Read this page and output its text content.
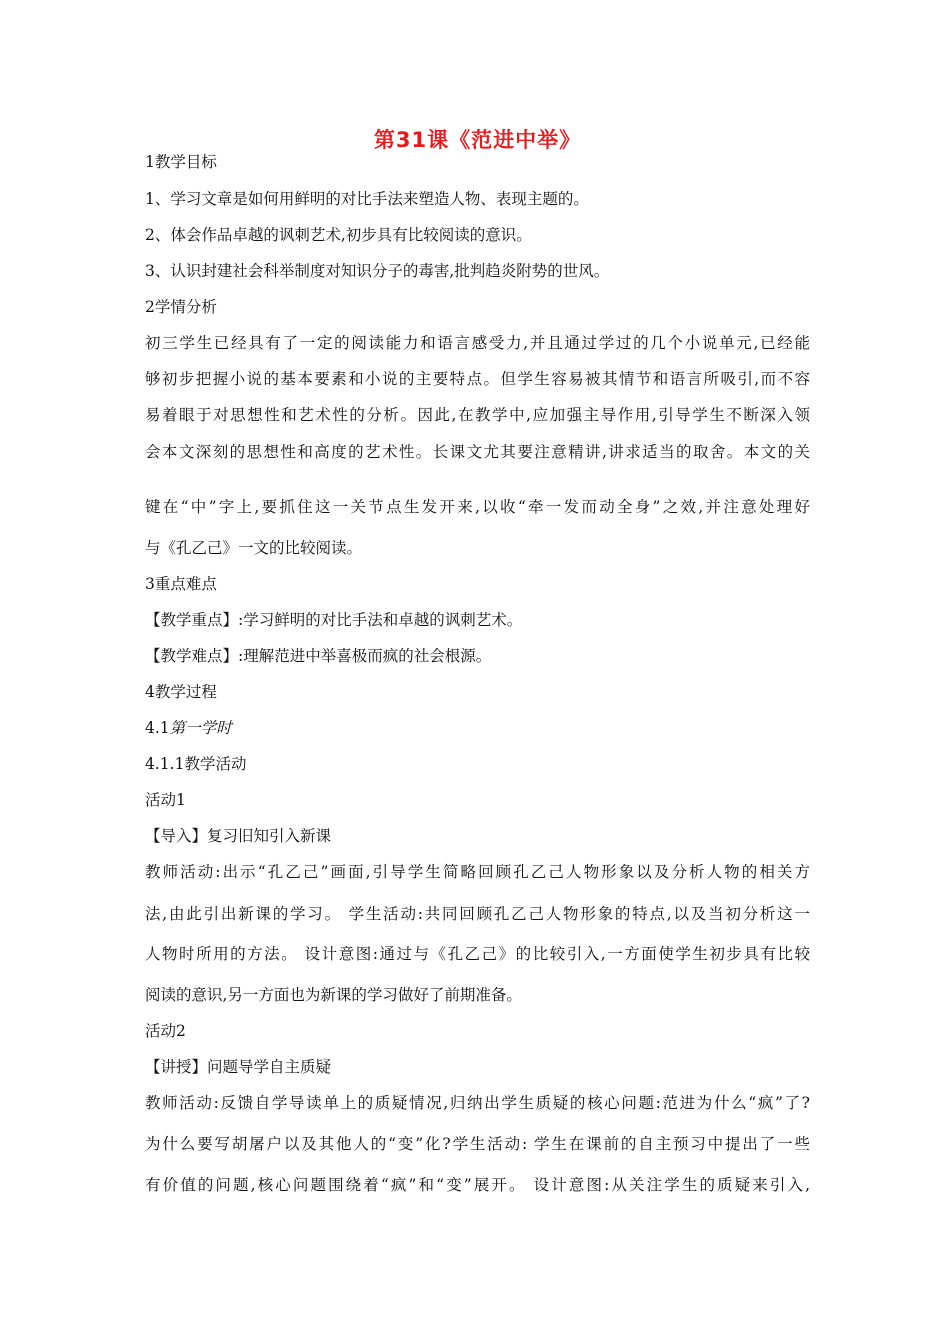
第31课《范进中举》
1教学目标
1、学习文章是如何用鲜明的对比手法来塑造人物、表现主题的。
2、体会作品卓越的讽刺艺术,初步具有比较阅读的意识。
3、认识封建社会科举制度对知识分子的毒害,批判趋炎附势的世风。
2学情分析
初三学生已经具有了一定的阅读能力和语言感受力,并且通过学过的几个小说单元,已经能
够初步把握小说的基本要素和小说的主要特点。但学生容易被其情节和语言所吸引,而不容
易着眼于对思想性和艺术性的分析。因此,在教学中,应加强主导作用,引导学生不断深入领
会本文深刻的思想性和高度的艺术性。长课文尤其要注意精讲,讲求适当的取舍。本文的关
键在“中”字上,要抓住这一关节点生发开来,以收“牵一发而动全身”之效,并注意处理好
与《孔乙己》一文的比较阅读。
3重点难点
【教学重点】:学习鲜明的对比手法和卓越的讽刺艺术。
【教学难点】:理解范进中举喜极而疯的社会根源。
4教学过程
4.1第一学时
4.1.1教学活动
活动1
【导入】复习旧知引入新课
教师活动:出示“孔乙己”画面,引导学生简略回顾孔乙己人物形象以及分析人物的相关方
法,由此引出新课的学习。 学生活动:共同回顾孔乙己人物形象的特点,以及当初分析这一
人物时所用的方法。 设计意图:通过与《孔乙己》的比较引入,一方面使学生初步具有比较
阅读的意识,另一方面也为新课的学习做好了前期准备。
活动2
【讲授】问题导学自主质疑
教师活动:反馈自学导读单上的质疑情况,归纳出学生质疑的核心问题:范进为什么“疯”了?
为什么要写胡屠户以及其他人的“变”化?学生活动: 学生在课前的自主预习中提出了一些
有价值的问题,核心问题围绕着“疯”和“变”展开。 设计意图:从关注学生的质疑来引入,
